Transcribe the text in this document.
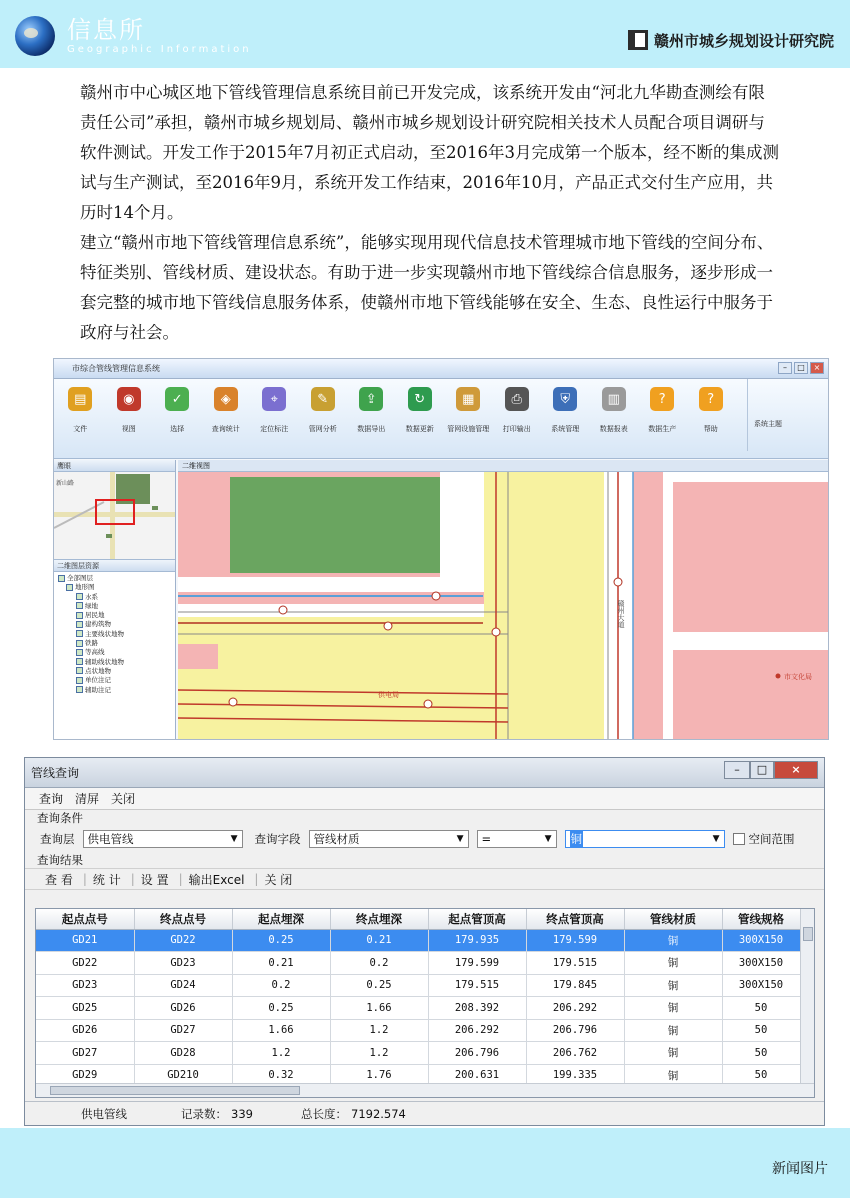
信息所
Geographic Information	赣州市城乡规划设计研究院

赣州市中心城区地下管线管理信息系统目前已开发完成，该系统开发由“河北九华勘查测绘有限责任公司”承担，赣州市城乡规划局、赣州市城乡规划设计研究院相关技术人员配合项目调研与软件测试。开发工作于2015年7月初正式启动，至2016年3月完成第一个版本，经不断的集成测试与生产测试，至2016年9月，系统开发工作结束，2016年10月，产品正式交付生产应用，共历时14个月。

建立“赣州市地下管线管理信息系统”，能够实现用现代信息技术管理城市地下管线的空间分布、特征类别、管线材质、建设状态。有助于进一步实现赣州市地下管线综合信息服务，逐步形成一套完整的城市地下管线信息服务体系，使赣州市地下管线能够在安全、生态、良性运行中服务于政府与社会。

市综合管线管理信息系统	–	□	×
▤
文件
◉
视图
✓
选择
◈
查询统计
⌖
定位标注
✎
管网分析
⇪
数据导出
↻
数据更新
▦
管网设施管理
⎙
打印输出
⛨
系统管理
▥
数据报表
?
数据生产
?
帮助
系统主题
鹰眼
新山路
二维图层资源
全部图层
地形图
水系
绿地
居民地
建构筑物
主要线状地物
铁路
等高线
辅助线状地物
点状地物
单位注记
辅助注记
二维视图
赣州大道
市文化局
供电局
管线查询	–	□	×
查询 清屏 关闭
查询条件
查询层 供电管线	▼ 查询字段 管线材质	▼ =	▼ 铜	▼	空间范围
查询结果
查 看 | 统 计 | 设 置 | 输出Excel | 关 闭
起点点号	终点点号	起点埋深	终点埋深	起点管顶高	终点管顶高	管线材质	管线规格
GD21	GD22	0.25	0.21	179.935	179.599	铜	300X150
GD22	GD23	0.21	0.2	179.599	179.515	铜	300X150
GD23	GD24	0.2	0.25	179.515	179.845	铜	300X150
GD25	GD26	0.25	1.66	208.392	206.292	铜	50
GD26	GD27	1.66	1.2	206.292	206.796	铜	50
GD27	GD28	1.2	1.2	206.796	206.762	铜	50
GD29	GD210	0.32	1.76	200.631	199.335	铜	50
供电管线	记录数： 339	总长度： 7192.574
新闻图片
